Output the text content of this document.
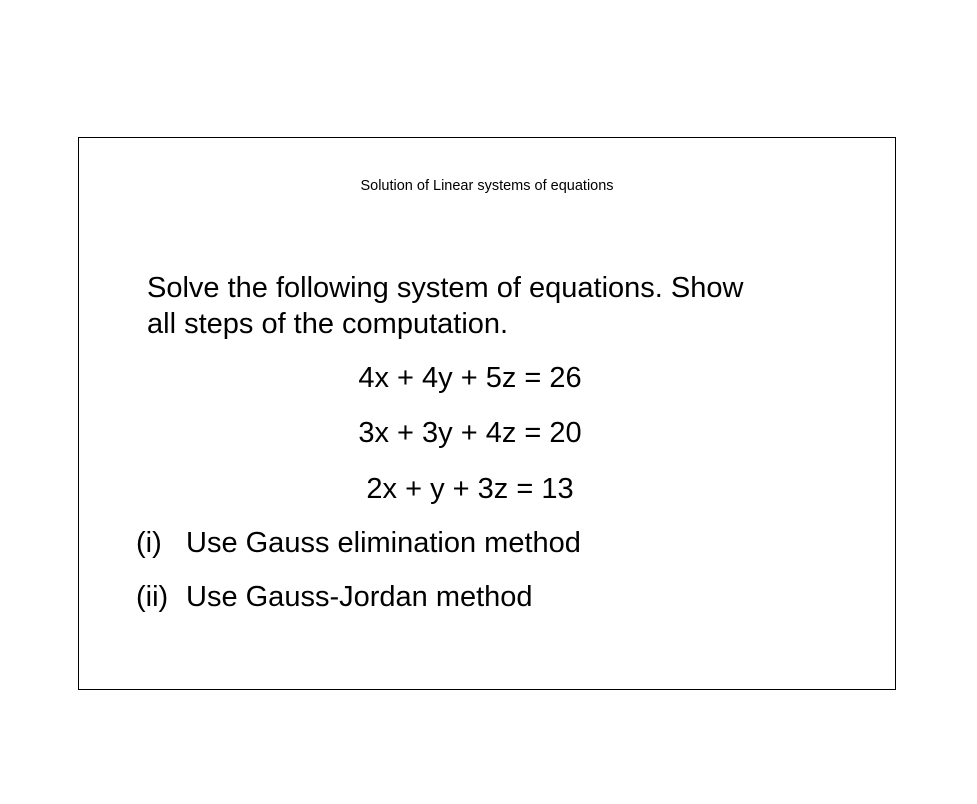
Solution of Linear systems of equations
Solve the following system of equations. Show
all steps of the computation.
4x + 4y + 5z = 26
3x + 3y + 4z = 20
2x + y + 3z = 13
(i) Use Gauss elimination method
(ii) Use Gauss-Jordan method
